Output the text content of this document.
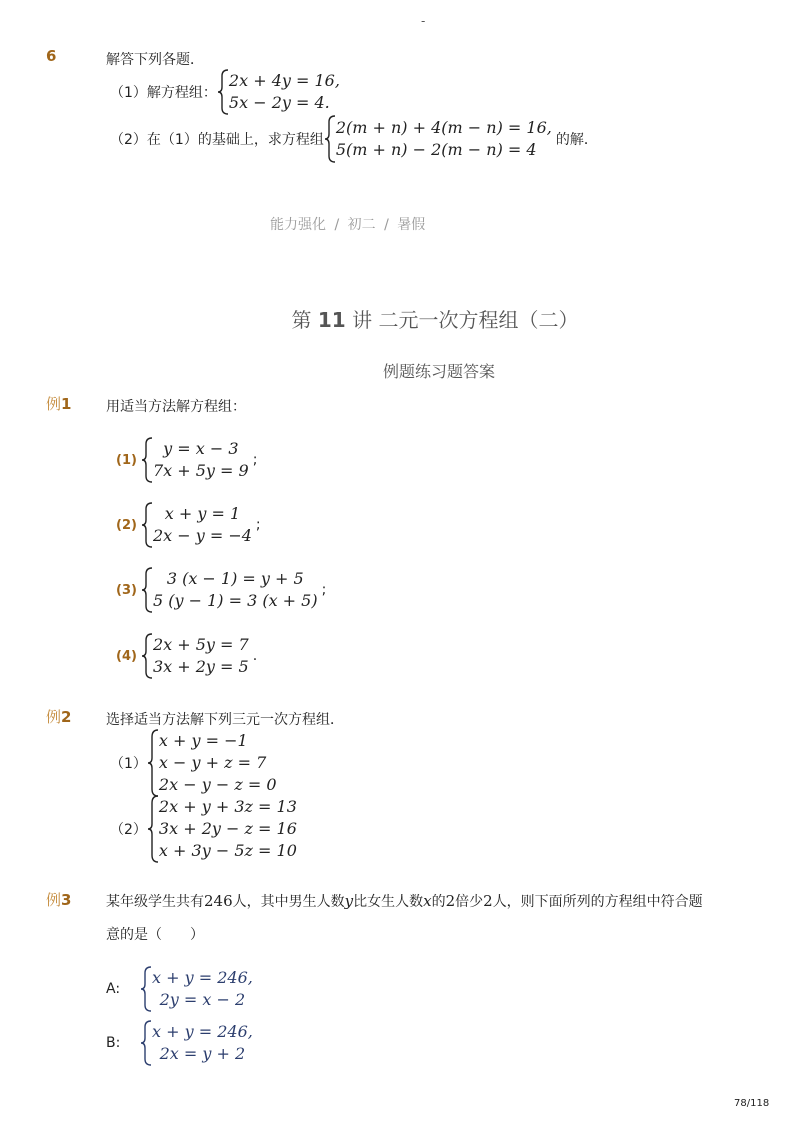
-
6	解答下列各题．
（1）解方程组：
2x + 4y = 16,
5x − 2y = 4.
（2）在（1）的基础上，求方程组
2(m + n) + 4(m − n) = 16,
5(m + n) − 2(m − n) = 4	的解．
能力强化 / 初二 / 暑假
第 11 讲 二元一次方程组（二）
例题练习题答案
例1 用适当方法解方程组：
(1)
y = x − 3
7x + 5y = 9
;
(2)
x + y = 1
2x − y = −4
;
(3)
3 (x − 1) = y + 5
5 (y − 1) = 3 (x + 5)
;
(4)
2x + 5y = 7
3x + 2y = 5
.
例2 选择适当方法解下列三元一次方程组．
（1）
x + y = −1
x − y + z = 7
2x − y − z = 0
（2）
2x + y + 3z = 13
3x + 2y − z = 16
x + 3y − 5z = 10
例3 某年级学生共有246人，其中男生人数y比女生人数x的2倍少2人，则下面所列的方程组中符合题
意的是（　　）
A:
x + y = 246,
2y = x − 2
B:
x + y = 246,
2x = y + 2
78/118
